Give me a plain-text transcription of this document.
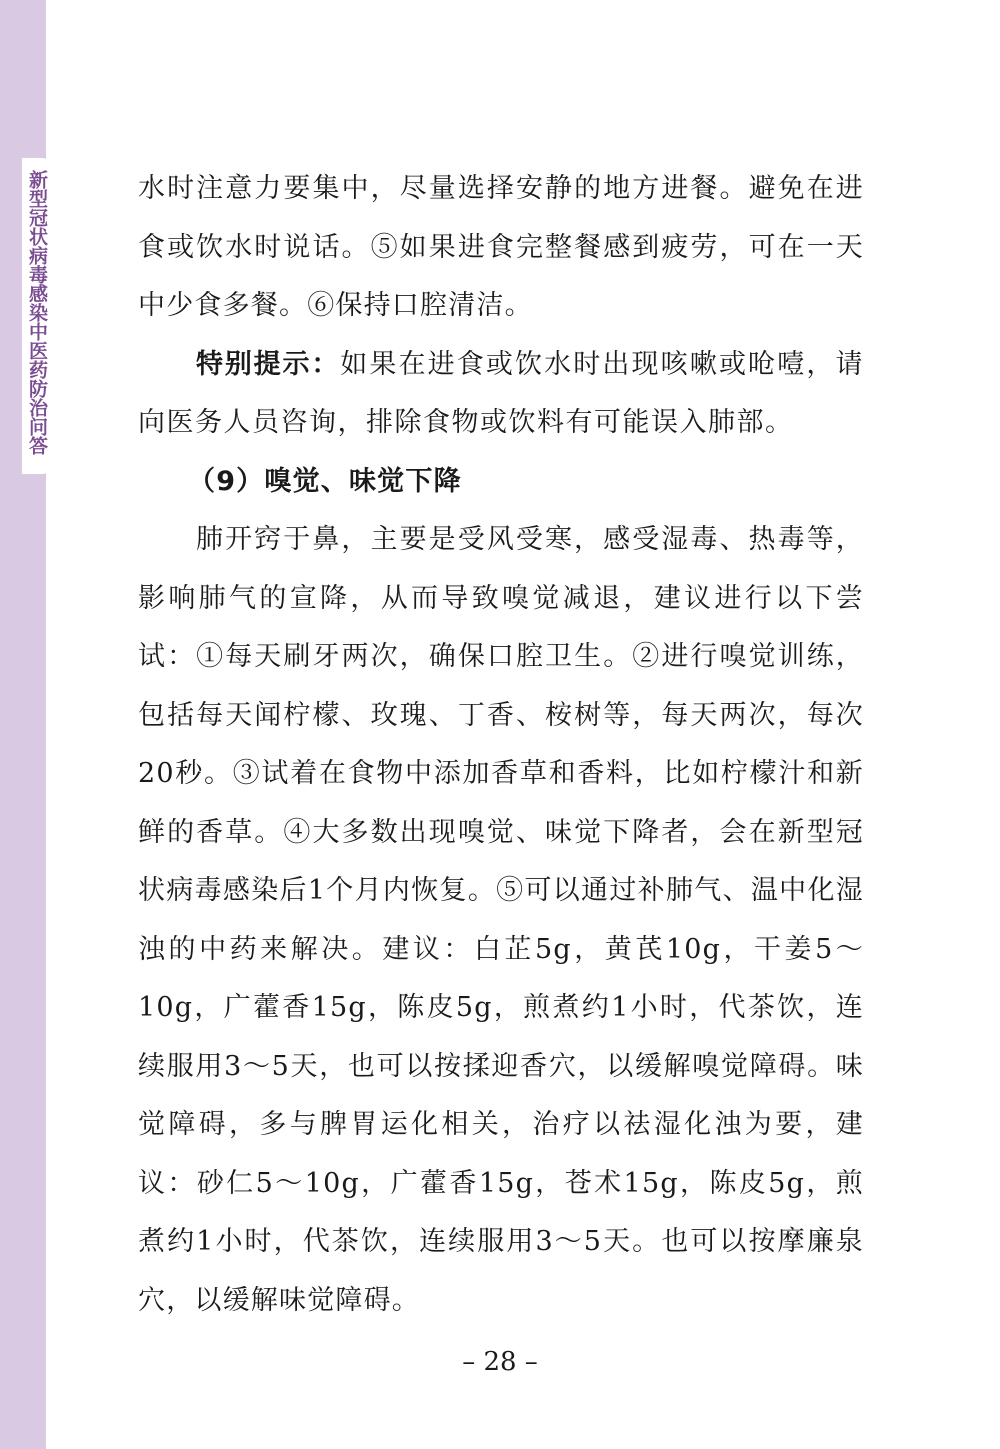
新型冠状病毒感染中医药防治问答	水时注意力要集中，尽量选择安静的地方进餐。避免在进食或饮水时说话。⑤如果进食完整餐感到疲劳，可在一天中少食多餐。⑥保持口腔清洁。

特别提示：如果在进食或饮水时出现咳嗽或呛噎，请向医务人员咨询，排除食物或饮料有可能误入肺部。

（9）嗅觉、味觉下降

肺开窍于鼻，主要是受风受寒，感受湿毒、热毒等，影响肺气的宣降，从而导致嗅觉减退，建议进行以下尝试：①每天刷牙两次，确保口腔卫生。②进行嗅觉训练，包括每天闻柠檬、玫瑰、丁香、桉树等，每天两次，每次20秒。③试着在食物中添加香草和香料，比如柠檬汁和新鲜的香草。④大多数出现嗅觉、味觉下降者，会在新型冠状病毒感染后1个月内恢复。⑤可以通过补肺气、温中化湿浊的中药来解决。建议：白芷5g，黄芪10g，干姜5～10g，广藿香15g，陈皮5g，煎煮约1小时，代茶饮，连续服用3～5天，也可以按揉迎香穴，以缓解嗅觉障碍。味觉障碍，多与脾胃运化相关，治疗以祛湿化浊为要，建议：砂仁5～10g，广藿香15g，苍术15g，陈皮5g，煎煮约1小时，代茶饮，连续服用3～5天。也可以按摩廉泉穴，以缓解味觉障碍。

– 28 –
